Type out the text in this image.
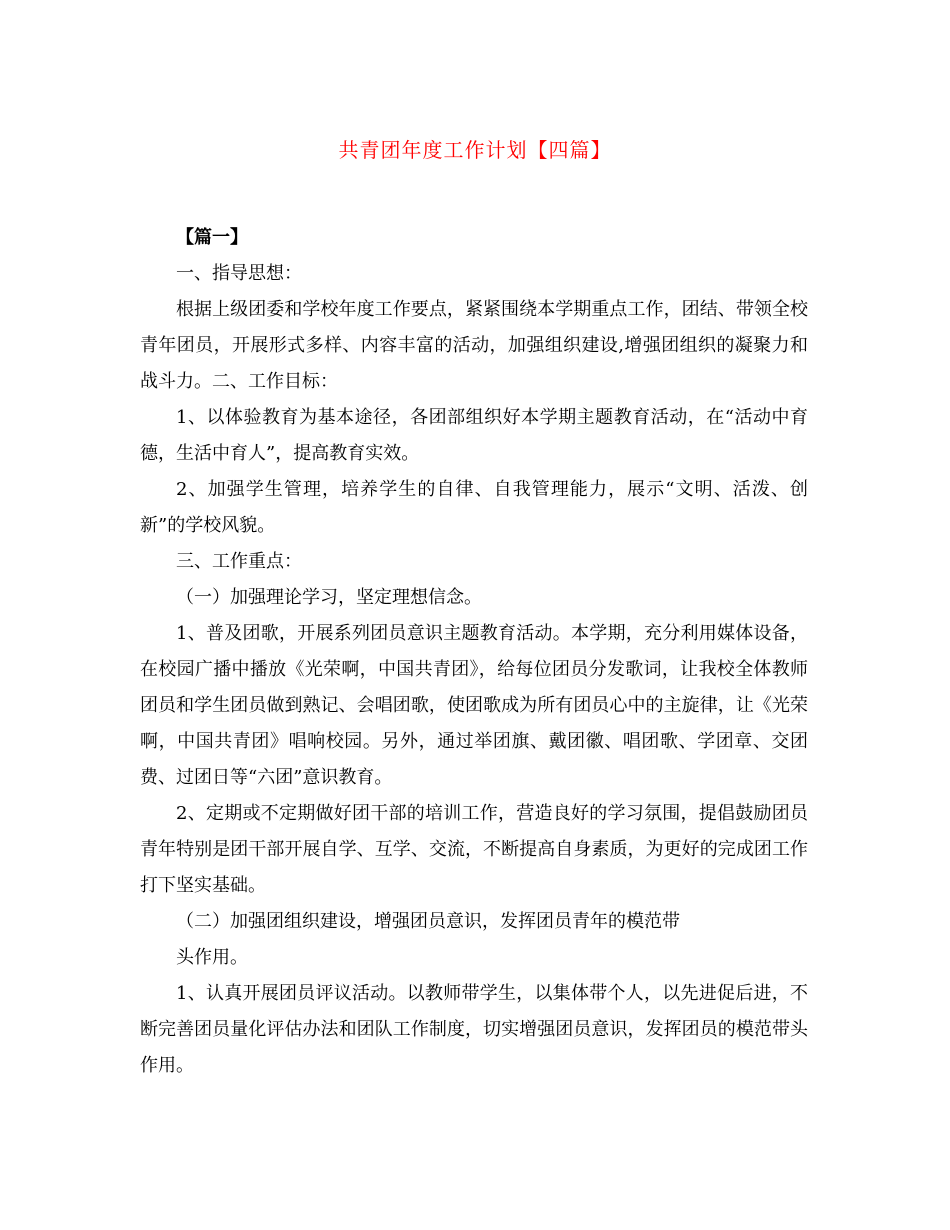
共青团年度工作计划【四篇】

【篇一】

一、指导思想：

根据上级团委和学校年度工作要点，紧紧围绕本学期重点工作，团结、带领全校青年团员，开展形式多样、内容丰富的活动，加强组织建设,增强团组织的凝聚力和战斗力。二、工作目标：

1、以体验教育为基本途径，各团部组织好本学期主题教育活动，在“活动中育德，生活中育人”，提高教育实效。

2、加强学生管理，培养学生的自律、自我管理能力，展示“文明、活泼、创新”的学校风貌。

三、工作重点：

（一）加强理论学习，坚定理想信念。

1、普及团歌，开展系列团员意识主题教育活动。本学期，充分利用媒体设备，在校园广播中播放《光荣啊，中国共青团》，给每位团员分发歌词，让我校全体教师团员和学生团员做到熟记、会唱团歌，使团歌成为所有团员心中的主旋律，让《光荣啊，中国共青团》唱响校园。另外，通过举团旗、戴团徽、唱团歌、学团章、交团费、过团日等“六团”意识教育。

2、定期或不定期做好团干部的培训工作，营造良好的学习氛围，提倡鼓励团员青年特别是团干部开展自学、互学、交流，不断提高自身素质，为更好的完成团工作打下坚实基础。

（二）加强团组织建设，增强团员意识，发挥团员青年的模范带

头作用。

1、认真开展团员评议活动。以教师带学生，以集体带个人，以先进促后进，不断完善团员量化评估办法和团队工作制度，切实增强团员意识，发挥团员的模范带头作用。
